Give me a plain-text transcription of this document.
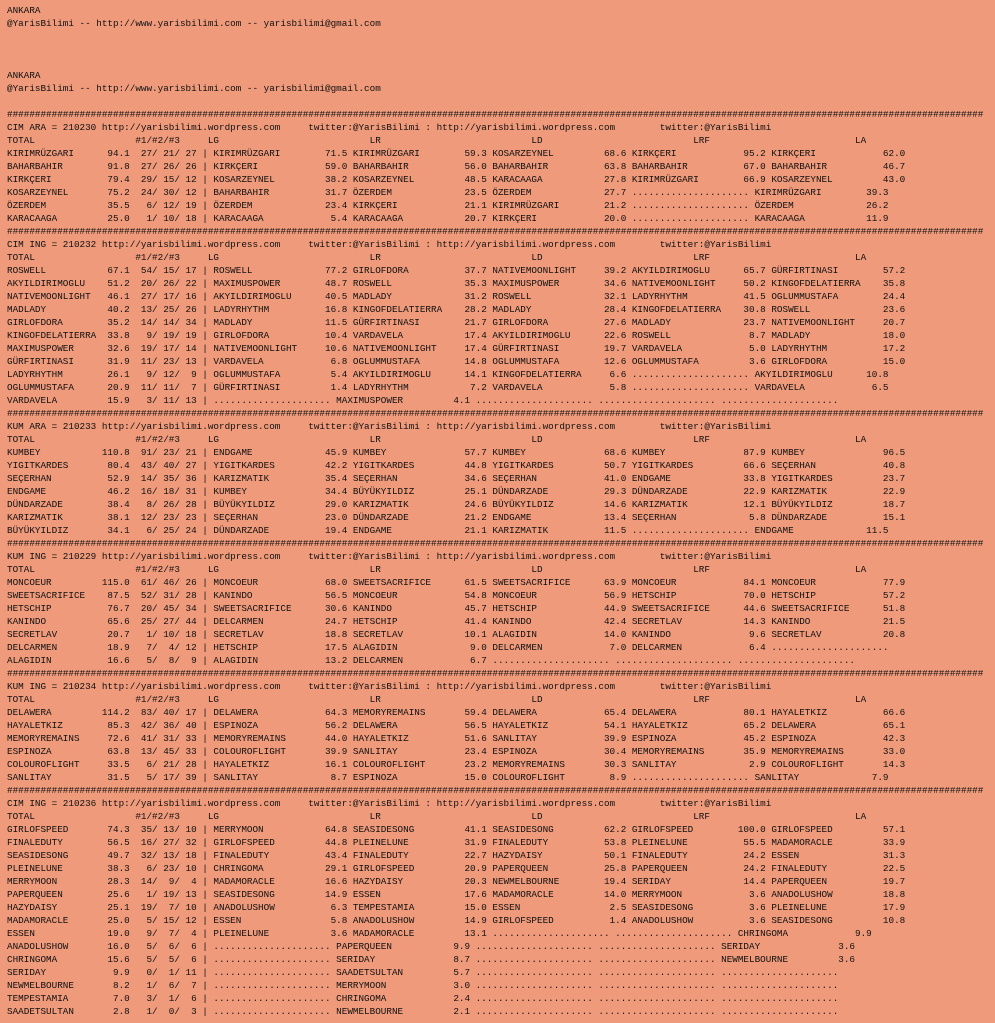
ANKARA
@YarisBilimi -- http://www.yarisbilimi.com -- yarisbilimi@gmail.com
ANKARA
@YarisBilimi -- http://www.yarisbilimi.com -- yarisbilimi@gmail.com
###############################################################################################################################################################################
CIM ARA = 210230 http://yarisbilimi.wordpress.com     twitter:@YarisBilimi : http://yarisbilimi.wordpress.com        twitter:@YarisBilimi
TOTAL                  #1/#2/#3     LG                           LR                           LD                           LRF                          LA
KIRIMRÜZGARI      94.1  27/ 21/ 27 | KIRIMRÜZGARI        71.5 KIRIMRÜZGARI        59.3 KOSARZEYNEL         68.6 KIRKÇERI            95.2 KIRKÇERI            62.0
BAHARBAHIR        91.8  27/ 26/ 26 | KIRKÇERI            59.0 BAHARBAHIR          56.0 BAHARBAHIR          63.8 BAHARBAHIR          67.0 BAHARBAHIR          46.7
KIRKÇERI          79.4  29/ 15/ 12 | KOSARZEYNEL         38.2 KOSARZEYNEL         48.5 KARACAAGA           27.8 KIRIMRÜZGARI        66.9 KOSARZEYNEL         43.0
KOSARZEYNEL       75.2  24/ 30/ 12 | BAHARBAHIR          31.7 ÖZERDEM             23.5 ÖZERDEM             27.7 ..................... KIRIMRÜZGARI        39.3
ÖZERDEM           35.5   6/ 12/ 19 | ÖZERDEM             23.4 KIRKÇERI            21.1 KIRIMRÜZGARI        21.2 ..................... ÖZERDEM             26.2
KARACAAGA         25.0   1/ 10/ 18 | KARACAAGA            5.4 KARACAAGA           20.7 KIRKÇERI            20.0 ..................... KARACAAGA           11.9
###############################################################################################################################################################################
CIM ING = 210232 http://yarisbilimi.wordpress.com     twitter:@YarisBilimi : http://yarisbilimi.wordpress.com        twitter:@YarisBilimi
TOTAL                  #1/#2/#3     LG                           LR                           LD                           LRF                          LA
ROSWELL           67.1  54/ 15/ 17 | ROSWELL             77.2 GIRLOFDORA          37.7 NATIVEMOONLIGHT     39.2 AKYILDIRIMOGLU      65.7 GÜRFIRTINASI        57.2
AKYILDIRIMOGLU    51.2  20/ 26/ 22 | MAXIMUSPOWER        48.7 ROSWELL             35.3 MAXIMUSPOWER        34.6 NATIVEMOONLIGHT     50.2 KINGOFDELATIERRA    35.8
NATIVEMOONLIGHT   46.1  27/ 17/ 16 | AKYILDIRIMOGLU      40.5 MADLADY             31.2 ROSWELL             32.1 LADYRHYTHM          41.5 OGLUMMUSTAFA        24.4
MADLADY           40.2  13/ 25/ 26 | LADYRHYTHM          16.8 KINGOFDELATIERRA    28.2 MADLADY             28.4 KINGOFDELATIERRA    30.8 ROSWELL             23.6
GIRLOFDORA        35.2  14/ 14/ 34 | MADLADY             11.5 GÜRFIRTINASI        21.7 GIRLOFDORA          27.6 MADLADY             23.7 NATIVEMOONLIGHT     20.7
KINGOFDELATIERRA  33.8   9/ 19/ 19 | GIRLOFDORA          10.4 VARDAVELA           17.4 AKYILDIRIMOGLU      22.6 ROSWELL              8.7 MADLADY             18.0
MAXIMUSPOWER      32.6  19/ 17/ 14 | NATIVEMOONLIGHT     10.6 NATIVEMOONLIGHT     17.4 GÜRFIRTINASI        19.7 VARDAVELA            5.0 LADYRHYTHM          17.2
GÜRFIRTINASI      31.9  11/ 23/ 13 | VARDAVELA            6.8 OGLUMMUSTAFA        14.8 OGLUMMUSTAFA        12.6 OGLUMMUSTAFA         3.6 GIRLOFDORA          15.0
LADYRHYTHM        26.1   9/ 12/  9 | OGLUMMUSTAFA         5.4 AKYILDIRIMOGLU      14.1 KINGOFDELATIERRA     6.6 ..................... AKYILDIRIMOGLU      10.8
OGLUMMUSTAFA      20.9  11/ 11/  7 | GÜRFIRTINASI         1.4 LADYRHYTHM           7.2 VARDAVELA            5.8 ..................... VARDAVELA            6.5
VARDAVELA         15.9   3/ 11/ 13 | ..................... MAXIMUSPOWER         4.1 ..................... ..................... .....................
###############################################################################################################################################################################
KUM ARA = 210233 http://yarisbilimi.wordpress.com     twitter:@YarisBilimi : http://yarisbilimi.wordpress.com        twitter:@YarisBilimi
TOTAL                  #1/#2/#3     LG                           LR                           LD                           LRF                          LA
KUMBEY           110.8  91/ 23/ 21 | ENDGAME             45.9 KUMBEY              57.7 KUMBEY              68.6 KUMBEY              87.9 KUMBEY              96.5
YIGITKARDES       80.4  43/ 40/ 27 | YIGITKARDES         42.2 YIGITKARDES         44.8 YIGITKARDES         50.7 YIGITKARDES         66.6 SEÇERHAN            40.8
SEÇERHAN          52.9  14/ 35/ 36 | KARIZMATIK          35.4 SEÇERHAN            34.6 SEÇERHAN            41.0 ENDGAME             33.8 YIGITKARDES         23.7
ENDGAME           46.2  16/ 18/ 31 | KUMBEY              34.4 BÜYÜKYILDIZ         25.1 DÜNDARZADE          29.3 DÜNDARZADE          22.9 KARIZMATIK          22.9
DÜNDARZADE        38.4   8/ 26/ 28 | BÜYÜKYILDIZ         29.0 KARIZMATIK          24.6 BÜYÜKYILDIZ         14.6 KARIZMATIK          12.1 BÜYÜKYILDIZ         18.7
KARIZMATIK        38.1  12/ 23/ 23 | SEÇERHAN            23.0 DÜNDARZADE          21.2 ENDGAME             13.4 SEÇERHAN             5.8 DÜNDARZADE          15.1
BÜYÜKYILDIZ       34.1   6/ 25/ 24 | DÜNDARZADE          19.4 ENDGAME             21.1 KARIZMATIK          11.5 ..................... ENDGAME             11.5
###############################################################################################################################################################################
KUM ING = 210229 http://yarisbilimi.wordpress.com     twitter:@YarisBilimi : http://yarisbilimi.wordpress.com        twitter:@YarisBilimi
TOTAL                  #1/#2/#3     LG                           LR                           LD                           LRF                          LA
MONCOEUR         115.0  61/ 46/ 26 | MONCOEUR            68.0 SWEETSACRIFICE      61.5 SWEETSACRIFICE      63.9 MONCOEUR            84.1 MONCOEUR            77.9
SWEETSACRIFICE    87.5  52/ 31/ 28 | KANINDO             56.5 MONCOEUR            54.8 MONCOEUR            56.9 HETSCHIP            70.0 HETSCHIP            57.2
HETSCHIP          76.7  20/ 45/ 34 | SWEETSACRIFICE      30.6 KANINDO             45.7 HETSCHIP            44.9 SWEETSACRIFICE      44.6 SWEETSACRIFICE      51.8
KANINDO           65.6  25/ 27/ 44 | DELCARMEN           24.7 HETSCHIP            41.4 KANINDO             42.4 SECRETLAV           14.3 KANINDO             21.5
SECRETLAV         20.7   1/ 10/ 18 | SECRETLAV           18.8 SECRETLAV           10.1 ALAGIDIN            14.0 KANINDO              9.6 SECRETLAV           20.8
DELCARMEN         18.9   7/  4/ 12 | HETSCHIP            17.5 ALAGIDIN             9.0 DELCARMEN            7.0 DELCARMEN            6.4 .....................
ALAGIDIN          16.6   5/  8/  9 | ALAGIDIN            13.2 DELCARMEN            6.7 ..................... ..................... .....................
###############################################################################################################################################################################
KUM ING = 210234 http://yarisbilimi.wordpress.com     twitter:@YarisBilimi : http://yarisbilimi.wordpress.com        twitter:@YarisBilimi
TOTAL                  #1/#2/#3     LG                           LR                           LD                           LRF                          LA
DELAWERA         114.2  83/ 40/ 17 | DELAWERA            64.3 MEMORYREMAINS       59.4 DELAWERA            65.4 DELAWERA            80.1 HAYALETKIZ          66.6
HAYALETKIZ        85.3  42/ 36/ 40 | ESPINOZA            56.2 DELAWERA            56.5 HAYALETKIZ          54.1 HAYALETKIZ          65.2 DELAWERA            65.1
MEMORYREMAINS     72.6  41/ 31/ 33 | MEMORYREMAINS       44.0 HAYALETKIZ          51.6 SANLITAY            39.9 ESPINOZA            45.2 ESPINOZA            42.3
ESPINOZA          63.8  13/ 45/ 33 | COLOUROFLIGHT       39.9 SANLITAY            23.4 ESPINOZA            30.4 MEMORYREMAINS       35.9 MEMORYREMAINS       33.0
COLOUROFLIGHT     33.5   6/ 21/ 28 | HAYALETKIZ          16.1 COLOUROFLIGHT       23.2 MEMORYREMAINS       30.3 SANLITAY             2.9 COLOUROFLIGHT       14.3
SANLITAY          31.5   5/ 17/ 39 | SANLITAY             8.7 ESPINOZA            15.0 COLOUROFLIGHT        8.9 ..................... SANLITAY             7.9
###############################################################################################################################################################################
CIM ING = 210236 http://yarisbilimi.wordpress.com     twitter:@YarisBilimi : http://yarisbilimi.wordpress.com        twitter:@YarisBilimi
TOTAL                  #1/#2/#3     LG                           LR                           LD                           LRF                          LA
GIRLOFSPEED       74.3  35/ 13/ 10 | MERRYMOON           64.8 SEASIDESONG         41.1 SEASIDESONG         62.2 GIRLOFSPEED        100.0 GIRLOFSPEED         57.1
FINALEDUTY        56.5  16/ 27/ 32 | GIRLOFSPEED         44.8 PLEINELUNE          31.9 FINALEDUTY          53.8 PLEINELUNE          55.5 MADAMORACLE         33.9
SEASIDESONG       49.7  32/ 13/ 18 | FINALEDUTY          43.4 FINALEDUTY          22.7 HAZYDAISY           50.1 FINALEDUTY          24.2 ESSEN               31.3
PLEINELUNE        38.3   6/ 23/ 10 | CHRINGOMA           29.1 GIRLOFSPEED         20.9 PAPERQUEEN          25.8 PAPERQUEEN          24.2 FINALEDUTY          22.5
MERRYMOON         28.3  14/  9/  4 | MADAMORACLE         16.6 HAZYDAISY           20.3 NEWMELBOURNE        19.4 SERIDAY             14.4 PAPERQUEEN          19.7
PAPERQUEEN        25.6   1/ 19/ 13 | SEASIDESONG         14.9 ESSEN               17.6 MADAMORACLE         14.0 MERRYMOON            3.6 ANADOLUSHOW         18.8
HAZYDAISY         25.1  19/  7/ 10 | ANADOLUSHOW          6.3 TEMPESTAMIA         15.0 ESSEN                2.5 SEASIDESONG          3.6 PLEINELUNE          17.9
MADAMORACLE       25.0   5/ 15/ 12 | ESSEN                5.8 ANADOLUSHOW         14.9 GIRLOFSPEED          1.4 ANADOLUSHOW          3.6 SEASIDESONG         10.8
ESSEN             19.0   9/  7/  4 | PLEINELUNE           3.6 MADAMORACLE         13.1 ..................... ..................... CHRINGOMA            9.9
ANADOLUSHOW       16.0   5/  6/  6 | ..................... PAPERQUEEN           9.9 ..................... ..................... SERIDAY              3.6
CHRINGOMA         15.6   5/  5/  6 | ..................... SERIDAY              8.7 ..................... ..................... NEWMELBOURNE         3.6
SERIDAY            9.9   0/  1/ 11 | ..................... SAADETSULTAN         5.7 ..................... ..................... .....................
NEWMELBOURNE       8.2   1/  6/  7 | ..................... MERRYMOON            3.0 ..................... ..................... .....................
TEMPESTAMIA        7.0   3/  1/  6 | ..................... CHRINGOMA            2.4 ..................... ..................... .....................
SAADETSULTAN       2.8   1/  0/  3 | ..................... NEWMELBOURNE         2.1 ..................... ..................... .....................
